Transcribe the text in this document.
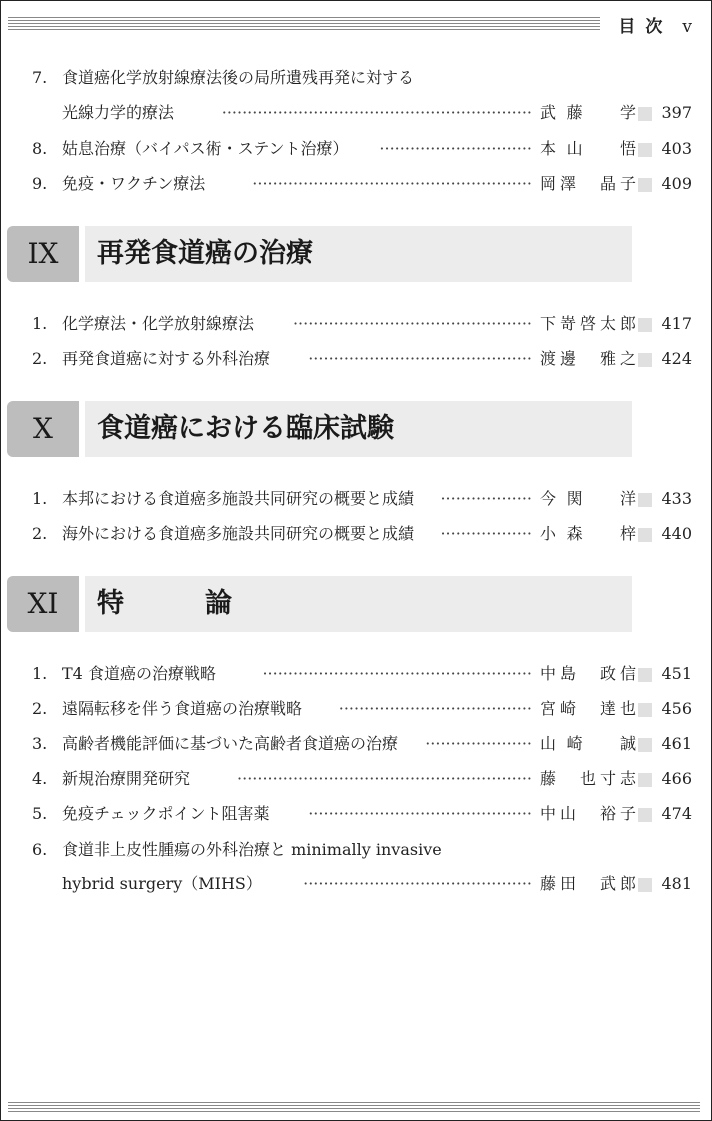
目次 v
7. 食道癌化学放射線療法後の局所遺残再発に対する
光線力学的療法	····························································· 武藤　学	397
8. 姑息治療（バイパス術・ステント治療）	······························ 本山　悟	403
9. 免疫・ワクチン療法	······················································· 岡澤　晶子	409
IX	再発食道癌の治療
1. 化学療法・化学放射線療法	··············································· 下嵜啓太郎	417
2. 再発食道癌に対する外科治療	············································ 渡邊　雅之	424
X	食道癌における臨床試験
1. 本邦における食道癌多施設共同研究の概要と成績	·················· 今関　洋	433
2. 海外における食道癌多施設共同研究の概要と成績	·················· 小森　梓	440
XI	特　　　論
1. T4 食道癌の治療戦略	····················································· 中島　政信	451
2. 遠隔転移を伴う食道癌の治療戦略	······································ 宮崎　達也	456
3. 高齢者機能評価に基づいた高齢者食道癌の治療	····················· 山崎　誠	461
4. 新規治療開発研究	·························································· 藤　也寸志	466
5. 免疫チェックポイント阻害薬	············································ 中山　裕子	474
6. 食道非上皮性腫瘍の外科治療と minimally invasive
hybrid surgery（MIHS）	············································· 藤田　武郎	481
